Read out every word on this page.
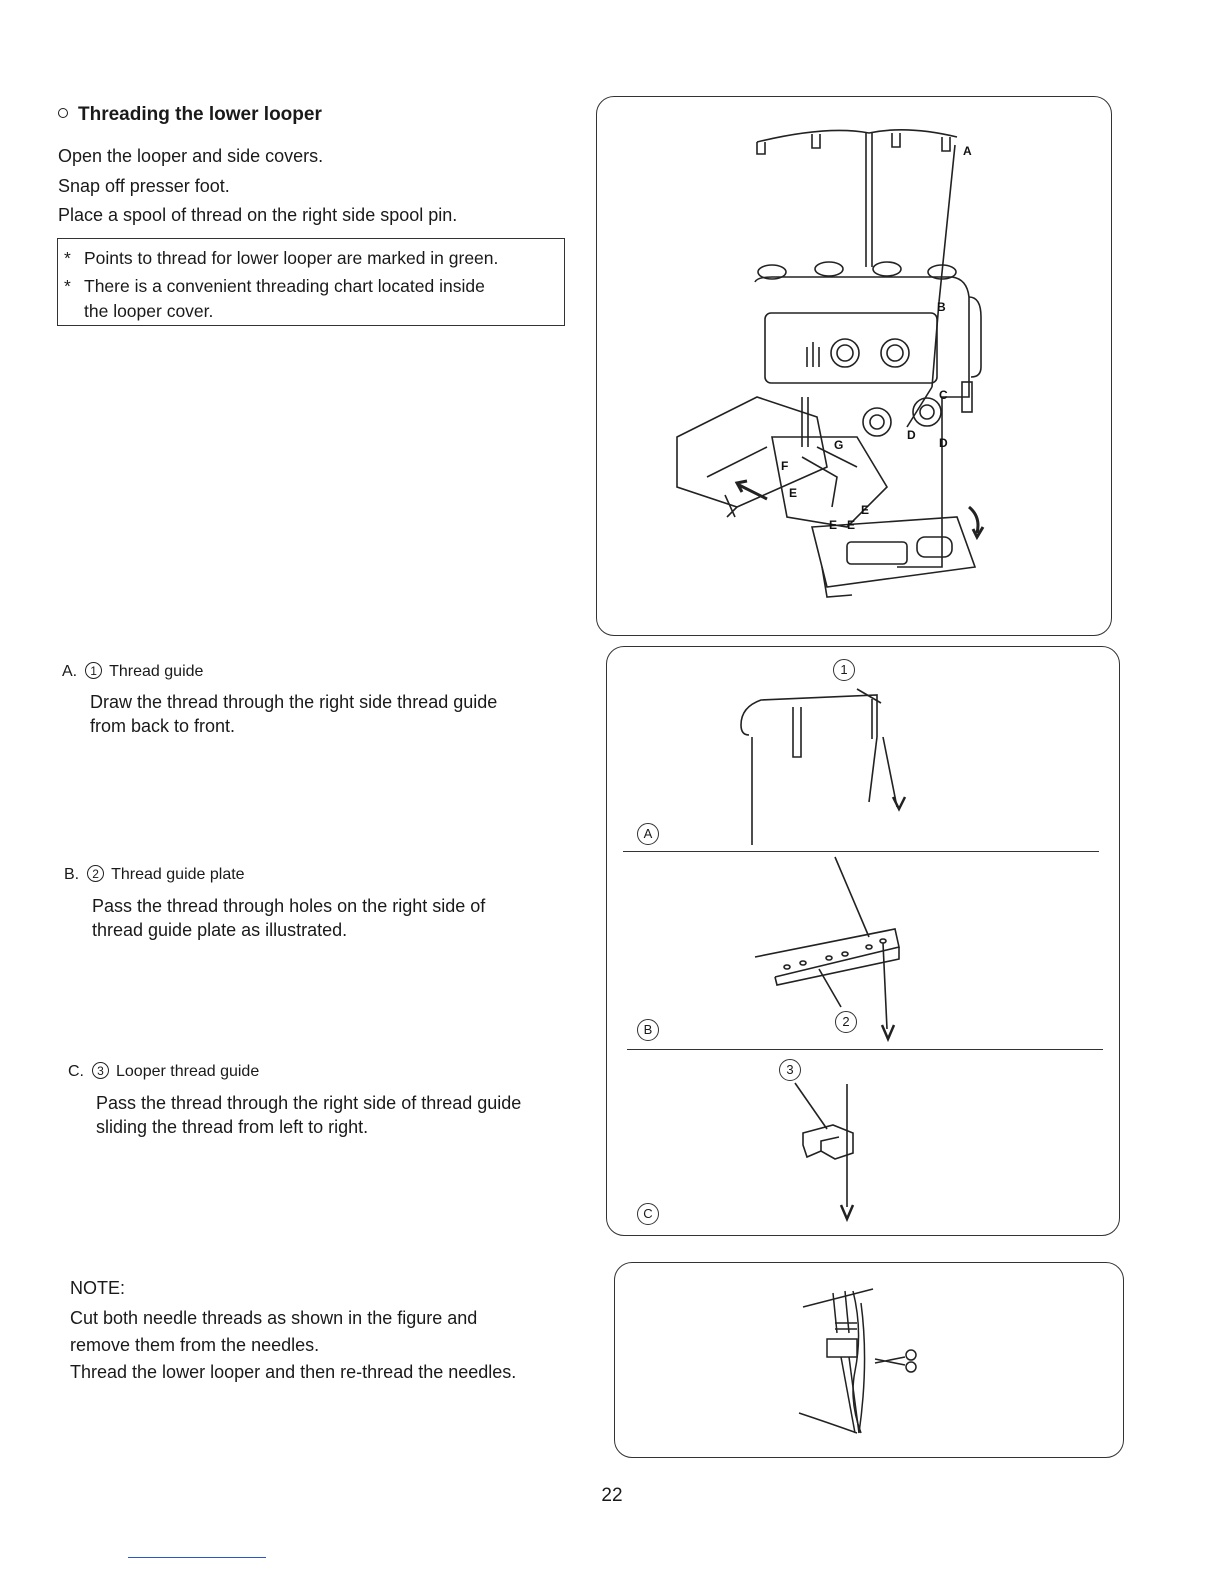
Threading the lower looper
Open the looper and side covers.
Snap off presser foot.
Place a spool of thread on the right side spool pin.
* Points to thread for lower looper are marked in green.
* There is a convenient threading chart located inside
the looper cover.
A. 1 Thread guide
Draw the thread through the right side thread guide
from back to front.
B. 2 Thread guide plate
Pass the thread through holes on the right side of
thread guide plate as illustrated.
C. 3 Looper thread guide
Pass the thread through the right side of thread guide
sliding the thread from left to right.
NOTE:
Cut both needle threads as shown in the figure and
remove them from the needles.
Thread the lower looper and then re-thread the needles.
A
B
C
D
D
E
E
E E
F
G
A
B
C
1
2
3
22
